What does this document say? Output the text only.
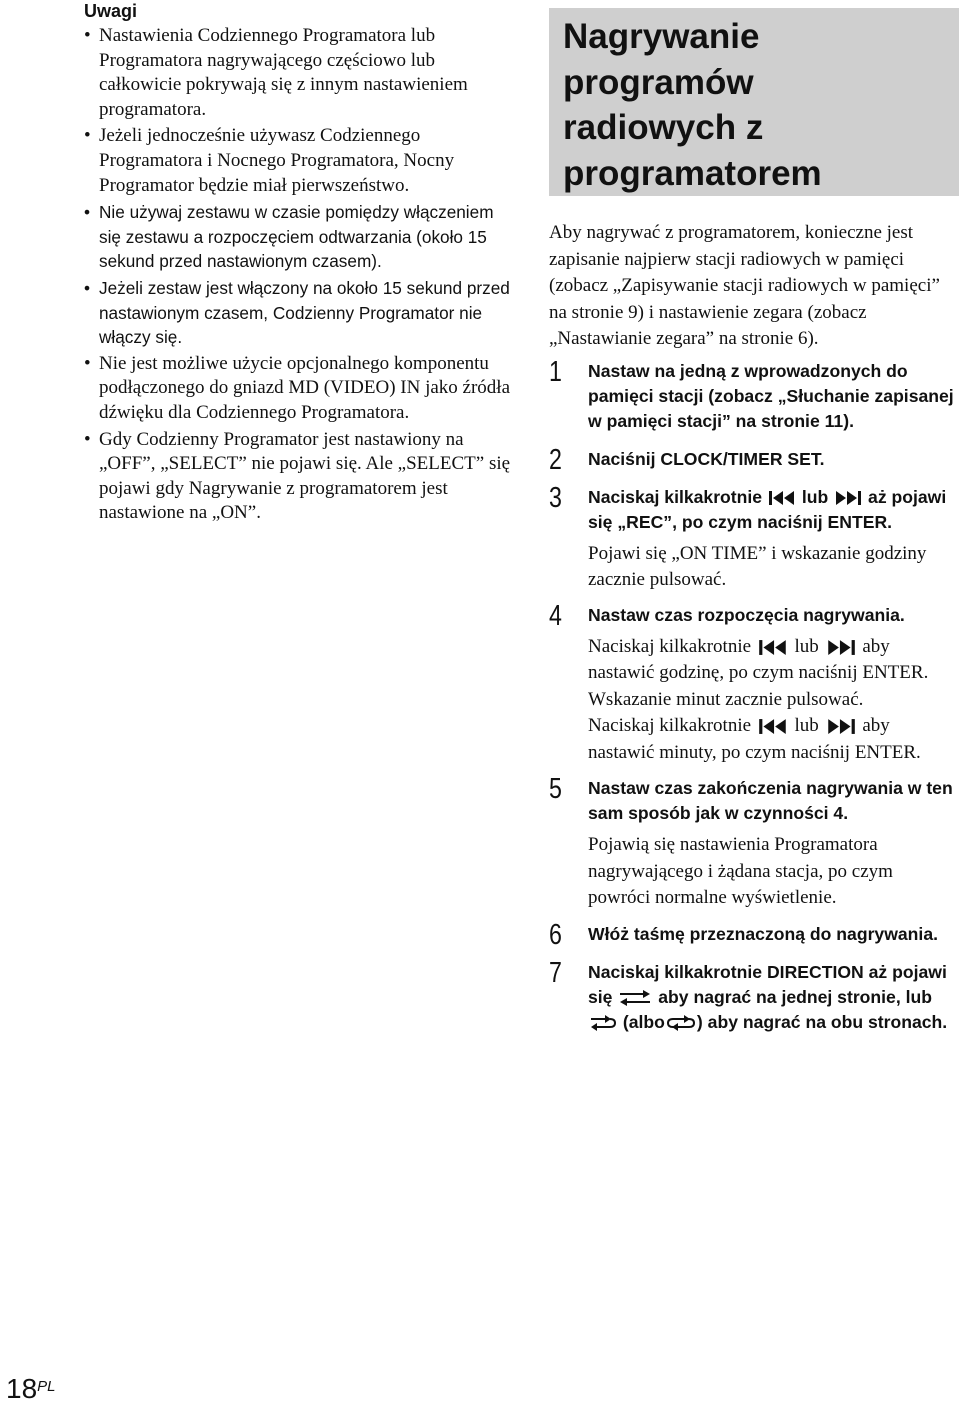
Uwagi
• Nastawienia Codziennego Programatora lub Programatora nagrywającego częściowo lub całkowicie pokrywają się z innym nastawieniem programatora.
• Jeżeli jednocześnie używasz Codziennego Programatora i Nocnego Programatora, Nocny Programator będzie miał pierwszeństwo.
• Nie używaj zestawu w czasie pomiędzy włączeniem się zestawu a rozpoczęciem odtwarzania (około 15 sekund przed nastawionym czasem).
• Jeżeli zestaw jest włączony na około 15 sekund przed nastawionym czasem, Codzienny Programator nie włączy się.
• Nie jest możliwe użycie opcjonalnego komponentu podłączonego do gniazd MD (VIDEO) IN jako źródła dźwięku dla Codziennego Programatora.
• Gdy Codzienny Programator jest nastawiony na „OFF”, „SELECT” nie pojawi się. Ale „SELECT” się pojawi gdy Nagrywanie z programatorem jest nastawione na „ON”.
Nagrywanie
programów
radiowych z
programatorem

Aby nagrywać z programatorem, konieczne jest zapisanie najpierw stacji radiowych w pamięci (zobacz „Zapisywanie stacji radiowych w pamięci” na stronie 9) i nastawienie zegara (zobacz „Nastawianie zegara” na stronie 6).

1 Nastaw na jedną z wprowadzonych do pamięci stacji (zobacz „Słuchanie zapisanej w pamięci stacji” na stronie 11).
2 Naciśnij CLOCK/TIMER SET.
3 Naciskaj kilkakrotnie lub aż pojawi się „REC”, po czym naciśnij ENTER.
Pojawi się „ON TIME” i wskazanie godziny zacznie pulsować.
4 Nastaw czas rozpoczęcia nagrywania.
Naciskaj kilkakrotnie lub aby nastawić godzinę, po czym naciśnij ENTER.
Wskazanie minut zacznie pulsować.
Naciskaj kilkakrotnie lub aby nastawić minuty, po czym naciśnij ENTER.
5 Nastaw czas zakończenia nagrywania w ten sam sposób jak w czynności 4.
Pojawią się nastawienia Programatora nagrywającego i żądana stacja, po czym powróci normalne wyświetlenie.
6 Włóż taśmę przeznaczoną do nagrywania.
7 Naciskaj kilkakrotnie DIRECTION aż pojawi się	aby nagrać na jednej stronie, lub
(albo ) aby nagrać na obu stronach.
$18^{PL}$
